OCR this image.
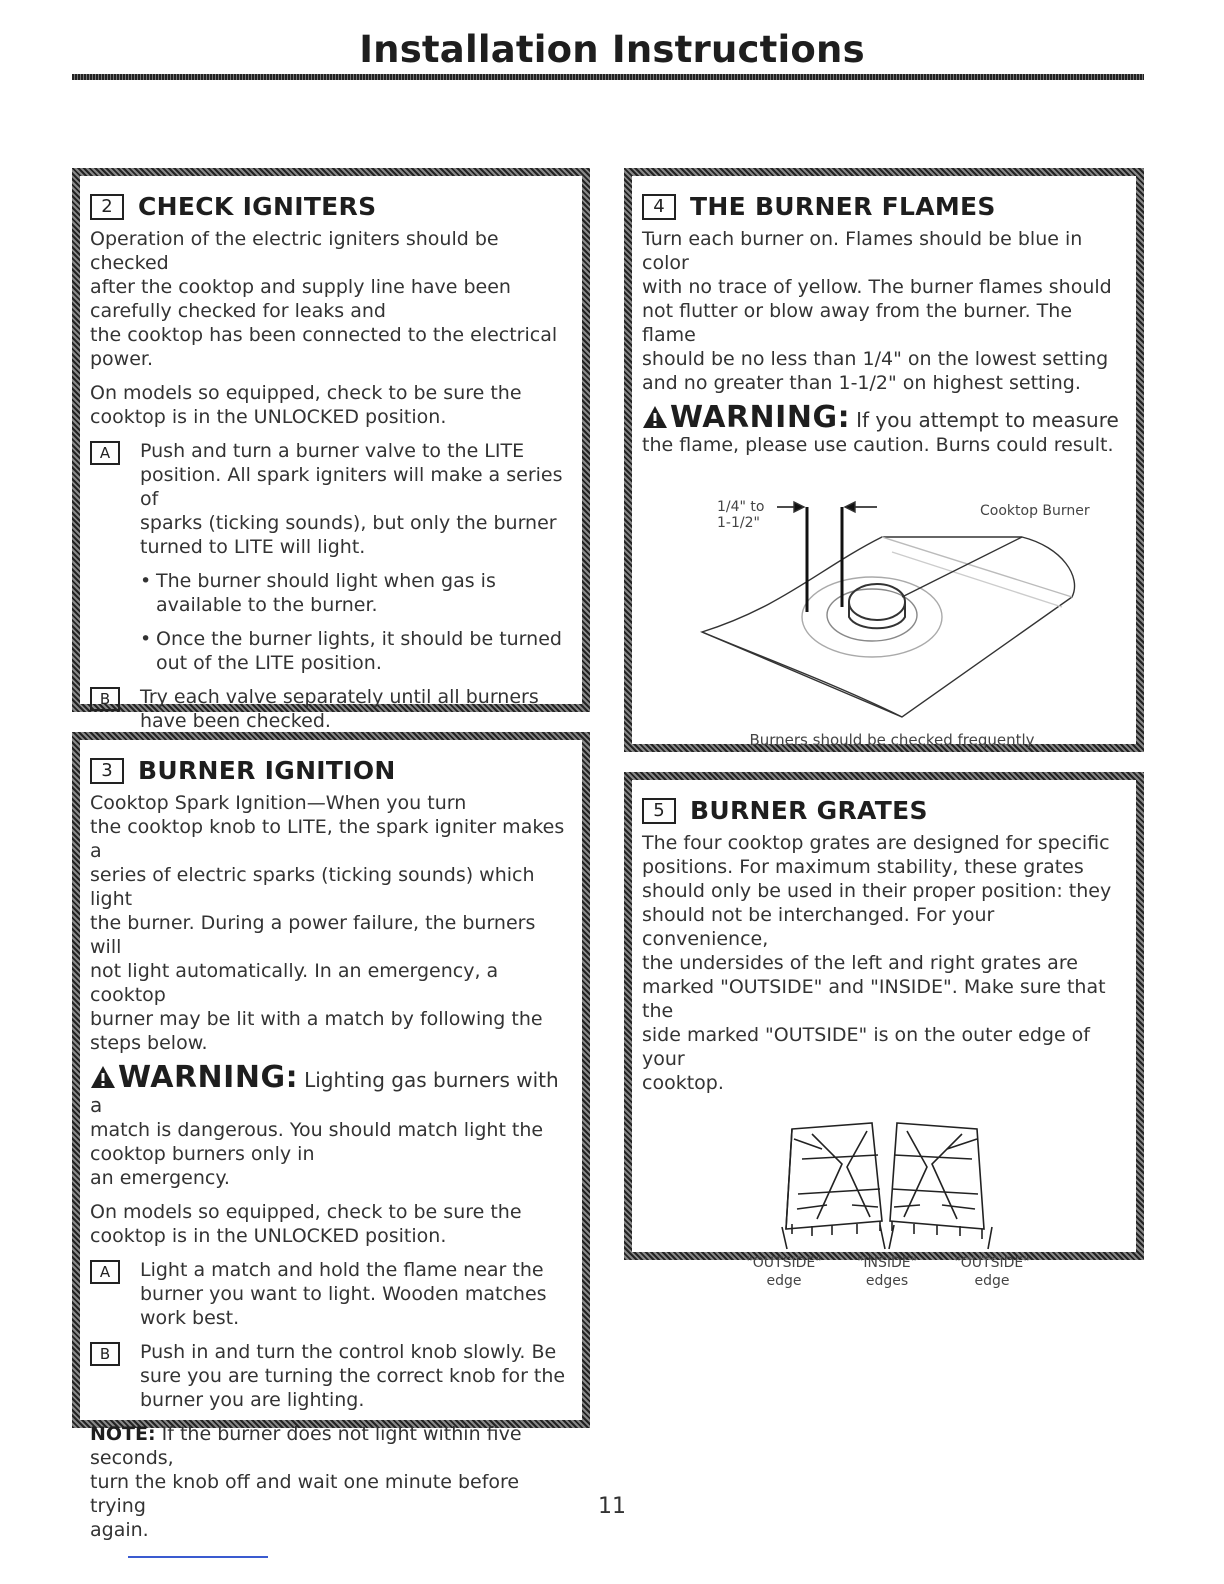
Installation Instructions
2	CHECK IGNITERS

Operation of the electric igniters should be checked
after the cooktop and supply line have been
carefully checked for leaks and
the cooktop has been connected to the electrical
power.

On models so equipped, check to be sure the
cooktop is in the UNLOCKED position.

A	Push and turn a burner valve to the LITE
position. All spark igniters will make a series of
sparks (ticking sounds), but only the burner
turned to LITE will light.
• The burner should light when gas is
available to the burner.
• Once the burner lights, it should be turned
out of the LITE position.
B	Try each valve separately until all burners
have been checked.
3	BURNER IGNITION

Cooktop Spark Ignition—When you turn
the cooktop knob to LITE, the spark igniter makes a
series of electric sparks (ticking sounds) which light
the burner. During a power failure, the burners will
not light automatically. In an emergency, a cooktop
burner may be lit with a match by following the
steps below.

WARNING: Lighting gas burners with a
match is dangerous. You should match light the
cooktop burners only in
an emergency.

On models so equipped, check to be sure the
cooktop is in the UNLOCKED position.

A	Light a match and hold the flame near the
burner you want to light. Wooden matches
work best.
B	Push in and turn the control knob slowly. Be
sure you are turning the correct knob for the
burner you are lighting.

NOTE: If the burner does not light within five seconds,
turn the knob off and wait one minute before trying
again.

4	THE BURNER FLAMES

Turn each burner on. Flames should be blue in color
with no trace of yellow. The burner flames should
not flutter or blow away from the burner. The flame
should be no less than 1/4" on the lowest setting
and no greater than 1-1/2" on highest setting.

WARNING: If you attempt to measure
the flame, please use caution. Burns could result.

1/4" to
1-1/2"
Cooktop Burner
Burners should be checked frequently
5	BURNER GRATES

The four cooktop grates are designed for specific
positions. For maximum stability, these grates
should only be used in their proper position: they
should not be interchanged. For your convenience,
the undersides of the left and right grates are
marked "OUTSIDE" and "INSIDE". Make sure that the
side marked "OUTSIDE" is on the outer edge of your
cooktop.

"OUTSIDE"
edge
"INSIDE"
edges
"OUTSIDE"
edge
11
